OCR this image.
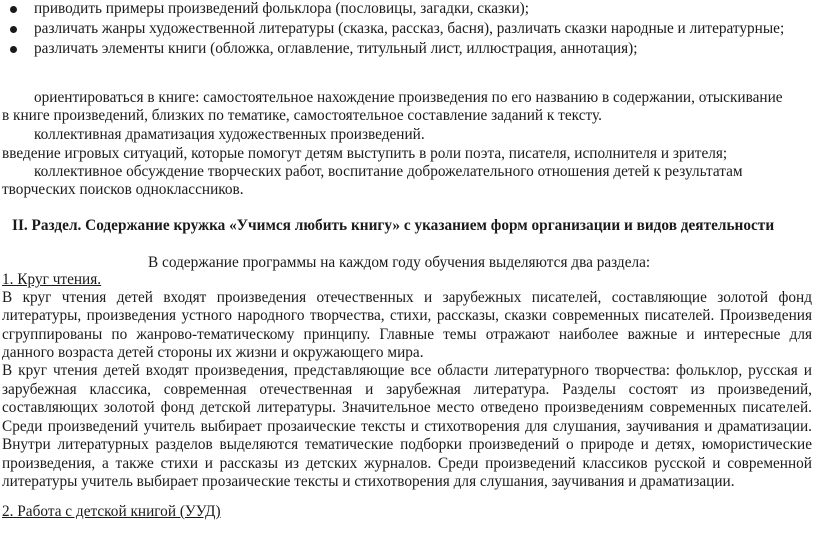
приводить примеры произведений фольклора (пословицы, загадки, сказки);
различать жанры художественной литературы (сказка, рассказ, басня), различать сказки народные и литературные;
различать элементы книги (обложка, оглавление, титульный лист, иллюстрация, аннотация);
ориентироваться в книге: самостоятельное нахождение произведения по его названию в содержании, отыскивание
в книге произведений, близких по тематике, самостоятельное составление заданий к тексту.
коллективная драматизация художественных произведений.
введение игровых ситуаций, которые помогут детям выступить в роли поэта, писателя, исполнителя и зрителя;
коллективное обсуждение творческих работ, воспитание доброжелательного отношения детей к результатам
творческих поисков одноклассников.
II. Раздел. Содержание кружка «Учимся любить книгу» с указанием форм организации и видов деятельности
В содержание программы на каждом году обучения выделяются два раздела:
1. Круг чтения.
В круг чтения детей входят произведения отечественных и зарубежных писателей, составляющие золотой фонд
литературы, произведения устного народного творчества, стихи, рассказы, сказки современных писателей. Произведения
сгруппированы по жанрово-тематическому принципу. Главные темы отражают наиболее важные и интересные для
данного возраста детей стороны их жизни и окружающего мира.
В круг чтения детей входят произведения, представляющие все области литературного творчества: фольклор, русская и
зарубежная классика, современная отечественная и зарубежная литература. Разделы состоят из произведений,
составляющих золотой фонд детской литературы. Значительное место отведено произведениям современных писателей.
Среди произведений учитель выбирает прозаические тексты и стихотворения для слушания, заучивания и драматизации.
Внутри литературных разделов выделяются тематические подборки произведений о природе и детях, юмористические
произведения, а также стихи и рассказы из детских журналов. Среди произведений классиков русской и современной
литературы учитель выбирает прозаические тексты и стихотворения для слушания, заучивания и драматизации.
2. Работа с детской книгой (УУД)
